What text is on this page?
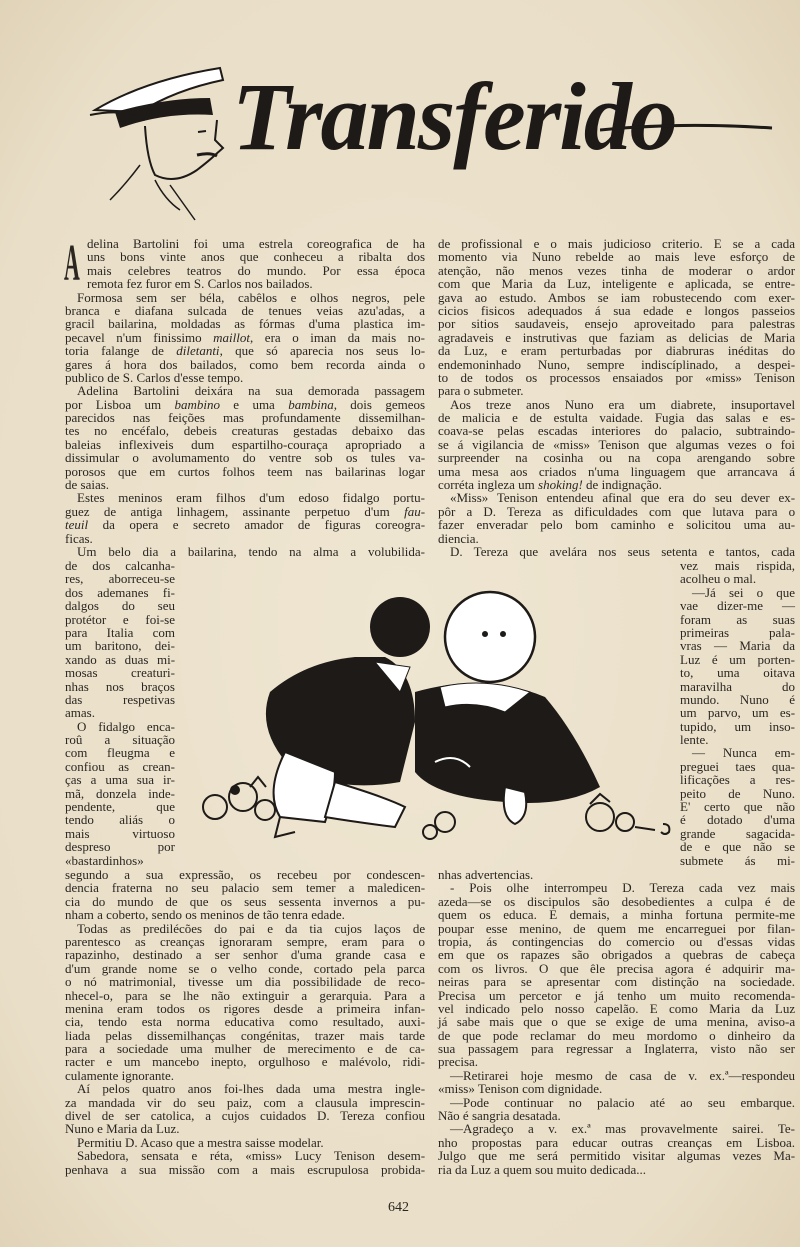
Transferido
A delina Bartolini foi uma estrela coreografica de ha
uns bons vinte anos que conheceu a ribalta dos
mais celebres teatros do mundo. Por essa época
remota fez furor em S. Carlos nos bailados.
Formosa sem ser béla, cabêlos e olhos negros, pele
branca e diafana sulcada de tenues veias azu'adas, a
gracil bailarina, moldadas as fórmas d'uma plastica im-
pecavel n'um finissimo maillot, era o iman da mais no-
toria falange de diletanti, que só aparecia nos seus lo-
gares á hora dos bailados, como bem recorda ainda o
publico de S. Carlos d'esse tempo.
Adelina Bartolini deixára na sua demorada passagem
por Lisboa um bambino e uma bambina, dois gemeos
parecidos nas feições mas profundamente dissemilhan-
tes no encéfalo, debeis creaturas gestadas debaixo das
baleias inflexiveis dum espartilho-couraça apropriado a
dissimular o avolumamento do ventre sob os tules va-
porosos que em curtos folhos teem nas bailarinas logar
de saias.
Estes meninos eram filhos d'um edoso fidalgo portu-
guez de antiga linhagem, assinante perpetuo d'um fau-
teuil da opera e secreto amador de figuras coreogra-
ficas.
Um belo dia a bailarina, tendo na alma a volubilida-
de dos calcanha-
res, aborreceu-se
dos ademanes fi-
dalgos do seu
protétor e foi-se
para Italia com
um baritono, dei-
xando as duas mi-
mosas	creaturi-
nhas nos braços
das	respetivas
amas.
O fidalgo enca-
roû a situação
com fleugma e
confiou as crean-
ças a uma sua ir-
mã, donzela inde-
pendente,	que
tendo aliás o
mais	virtuoso
despreso	por
«bastardinhos»
segundo a sua expressão, os recebeu por condescen-
dencia fraterna no seu palacio sem temer a maledicen-
cia do mundo de que os seus sessenta invernos a pu-
nham a coberto, sendo os meninos de tão tenra edade.
Todas as predilécões do pai e da tia cujos laços de
parentesco as creanças ignoraram sempre, eram para o
rapazinho, destinado a ser senhor d'uma grande casa e
d'um grande nome se o velho conde, cortado pela parca
o nó matrimonial, tivesse um dia possibilidade de reco-
nhecel-o, para se lhe não extinguir a gerarquia. Para a
menina eram todos os rigores desde a primeira infan-
cia, tendo esta norma educativa como resultado, auxi-
liada pelas dissemilhanças congénitas, trazer mais tarde
para a sociedade uma mulher de merecimento e de ca-
racter e um mancebo inepto, orgulhoso e malévolo, ridi-
culamente ignorante.
Aí pelos quatro anos foi-lhes dada uma mestra ingle-
za mandada vir do seu paiz, com a clausula imprescin-
divel de ser catolica, a cujos cuidados D. Tereza confiou
Nuno e Maria da Luz.
Permitiu D. Acaso que a mestra saisse modelar.
Sabedora, sensata e réta, «miss» Lucy Tenison desem-
penhava a sua missão com a mais escrupulosa probida-
de profissional e o mais judicioso criterio. E se a cada
momento via Nuno rebelde ao mais leve esforço de
atenção, não menos vezes tinha de moderar o ardor
com que Maria da Luz, inteligente e aplicada, se entre-
gava ao estudo. Ambos se iam robustecendo com exer-
cicios fisicos adequados á sua edade e longos passeios
por sitios saudaveis, ensejo aproveitado para palestras
agradaveis e instrutivas que faziam as delicias de Maria
da Luz, e eram perturbadas por diabruras inéditas do
endemoninhado Nuno, sempre indiscíplinado, a despei-
to de todos os processos ensaiados por «miss» Tenison
para o submeter.
Aos treze anos Nuno era um diabrete, insuportavel
de malicia e de estulta vaidade. Fugia das salas e es-
coava-se pelas escadas interiores do palacio, subtraindo-
se á vigilancia de «miss» Tenison que algumas vezes o foi
surpreender na cosinha ou na copa arengando sobre
uma mesa aos criados n'uma linguagem que arrancava á
corréta ingleza um shoking! de indignação.
«Miss» Tenison entendeu afinal que era do seu dever ex-
pôr a D. Tereza as dificuldades com que lutava para o
fazer enveradar pelo bom caminho e solicitou uma au-
diencia.
D. Tereza que avelára nos seus setenta e tantos, cada
vez mais rispida,
acolheu o mal.
—Já sei o que
vae dizer-me —
foram as suas
primeiras	pala-
vras — Maria da
Luz é um porten-
to, uma oitava
maravilha	do
mundo. Nuno é
um parvo, um es-
tupido, um inso-
lente.
— Nunca em-
preguei taes qua-
lificações a res-
peito de Nuno.
E' certo que não
é dotado d'uma
grande sagacida-
de e que não se
submete ás mi-
nhas advertencias.
- Pois olhe interrompeu D. Tereza cada vez mais
azeda—se os discipulos são desobedientes a culpa é de
quem os educa. E demais, a minha fortuna permite-me
poupar esse menino, de quem me encarreguei por filan-
tropia, ás contingencias do comercio ou d'essas vidas
em que os rapazes são obrigados a quebras de cabeça
com os livros. O que êle precisa agora é adquirir ma-
neiras para se apresentar com distinção na sociedade.
Precisa um percetor e já tenho um muito recomenda-
vel indicado pelo nosso capelão. E como Maria da Luz
já sabe mais que o que se exige de uma menina, aviso-a
de que pode reclamar do meu mordomo o dinheiro da
sua passagem para regressar a Inglaterra, visto não ser
precisa.
—Retirarei hoje mesmo de casa de v. ex.ª—respondeu
«miss» Tenison com dignidade.
—Pode continuar no palacio até ao seu embarque.
Não é sangria desatada.
—Agradeço a v. ex.ª mas provavelmente sairei. Te-
nho propostas para educar outras creanças em Lisboa.
Julgo que me será permitido visitar algumas vezes Ma-
ria da Luz a quem sou muito dedicada...
642
